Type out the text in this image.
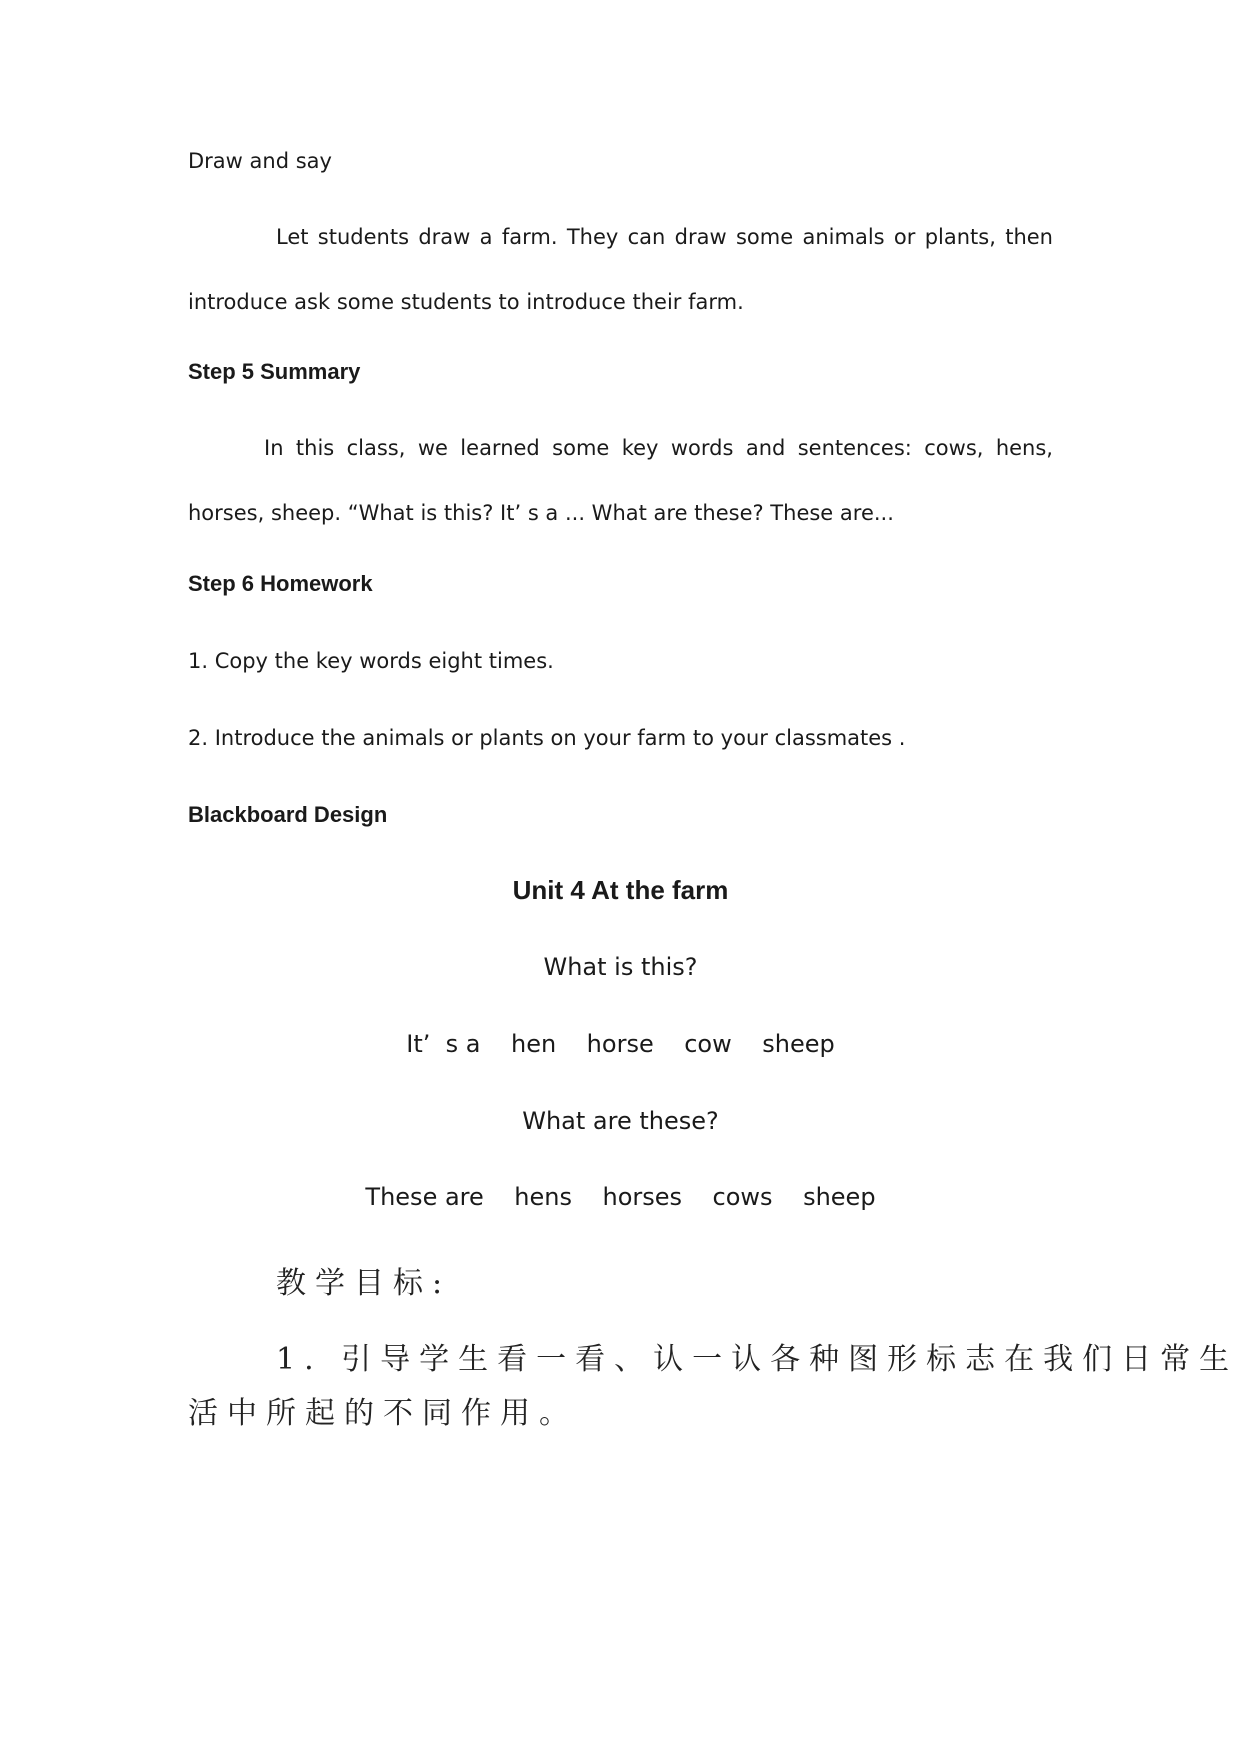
Draw and say
Let students draw a farm. They can draw some animals or plants, then introduce ask some students to introduce their farm.
Step 5 Summary
In this class, we learned some key words and sentences: cows, hens, horses, sheep. “What is this? It’ s a ... What are these? These are...
Step 6 Homework
1. Copy the key words eight times.
2. Introduce the animals or plants on your farm to your classmates .
Blackboard Design
Unit 4 At the farm
What is this?
It’  s a    hen    horse    cow    sheep
What are these?
These are    hens    horses    cows    sheep
教学目标:
1. 引导学生看一看、认一认各种图形标志在我们日常生
活中所起的不同作用。
